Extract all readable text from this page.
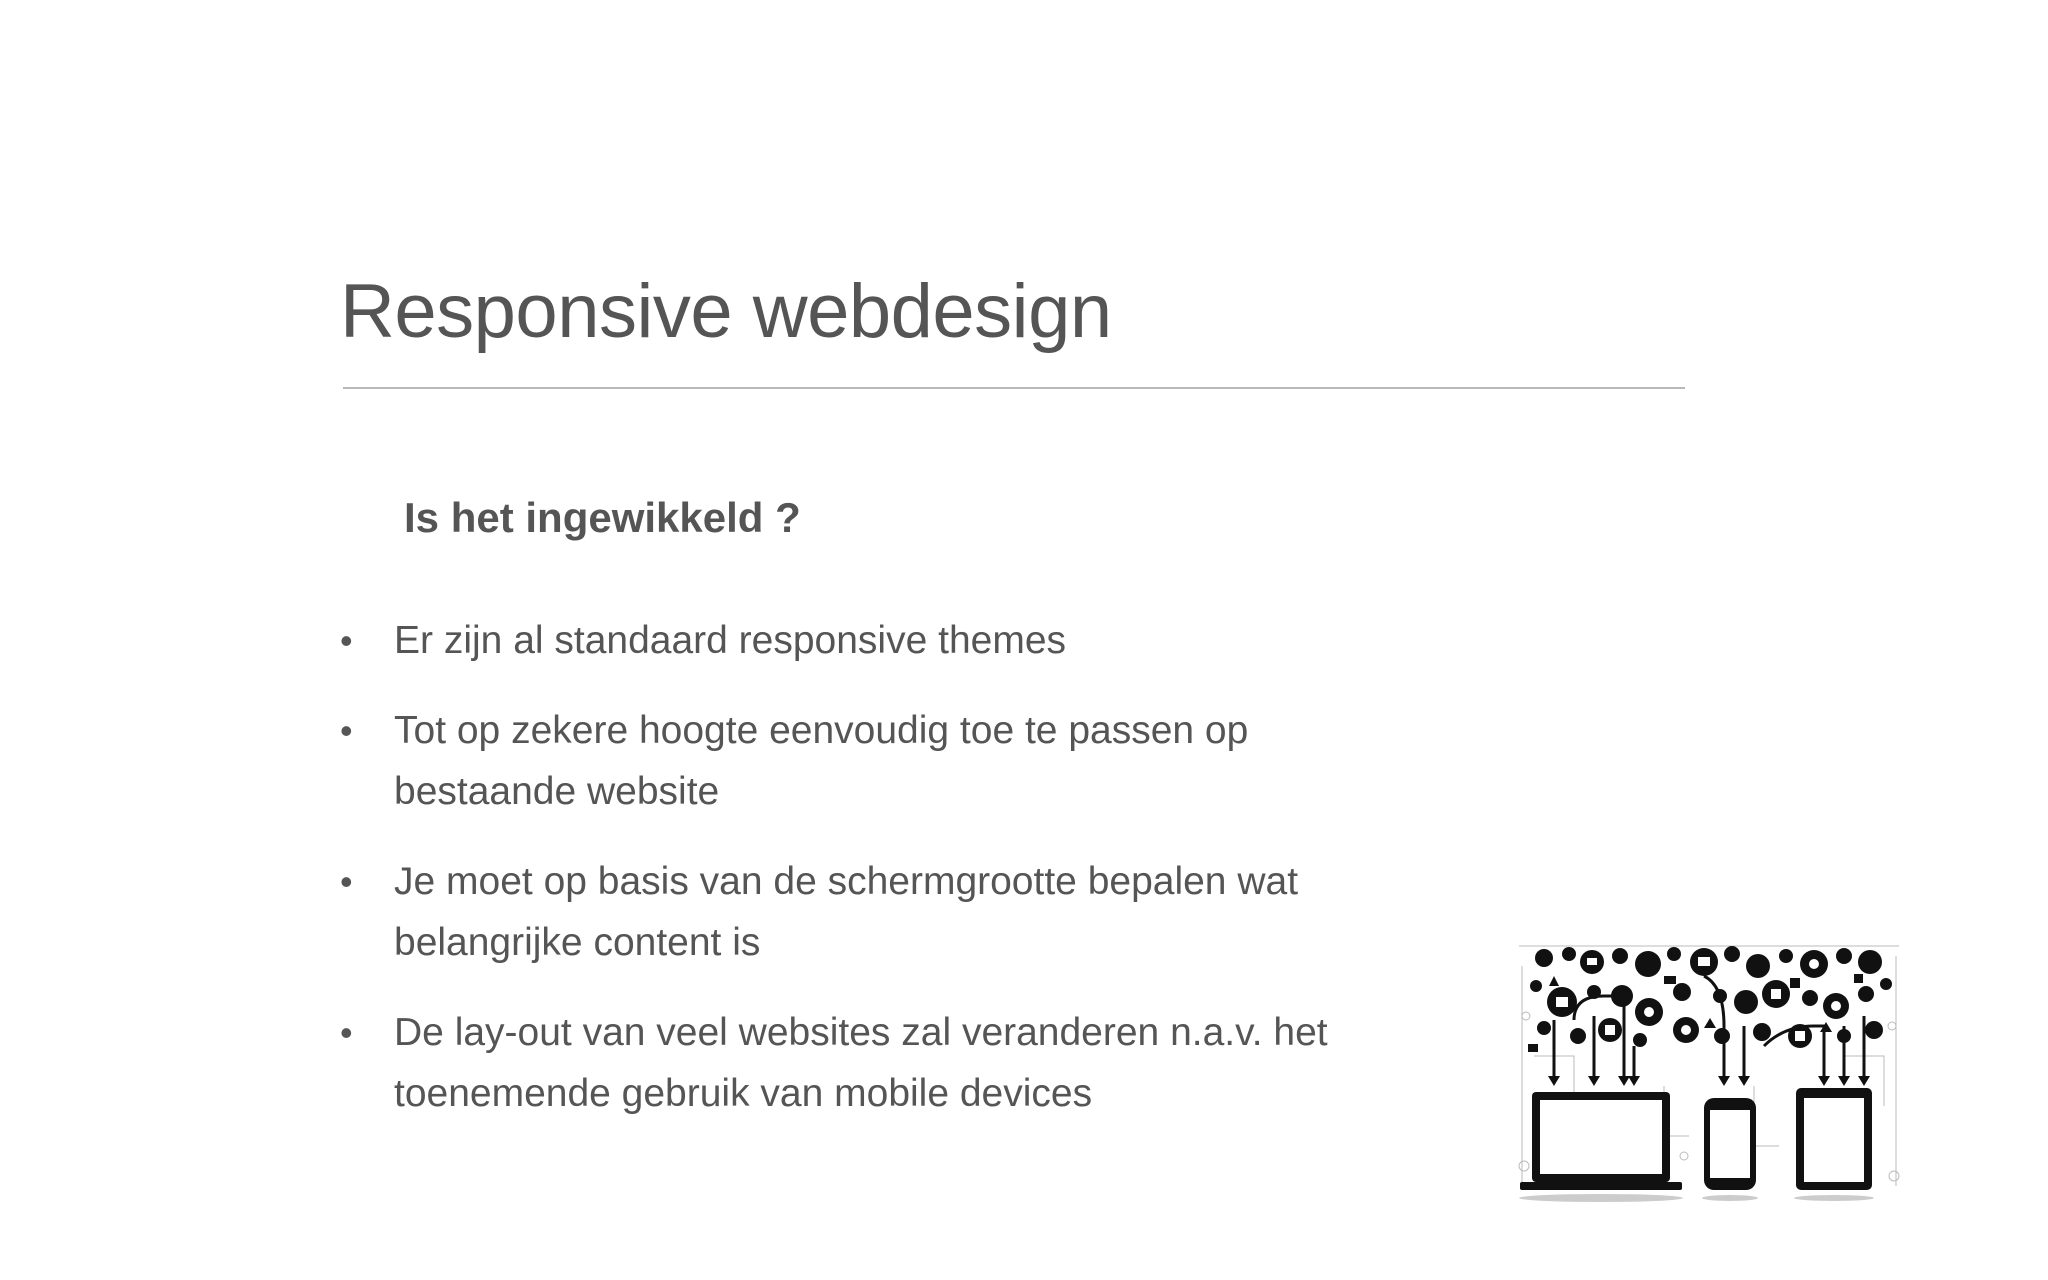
Responsive webdesign
Is het ingewikkeld ?
• Er zijn al standaard responsive themes
• Tot op zekere hoogte eenvoudig toe te passen op bestaande website
• Je moet op basis van de schermgrootte bepalen wat belangrijke content is
• De lay-out van veel websites zal veranderen n.a.v. het toenemende gebruik van mobile devices
